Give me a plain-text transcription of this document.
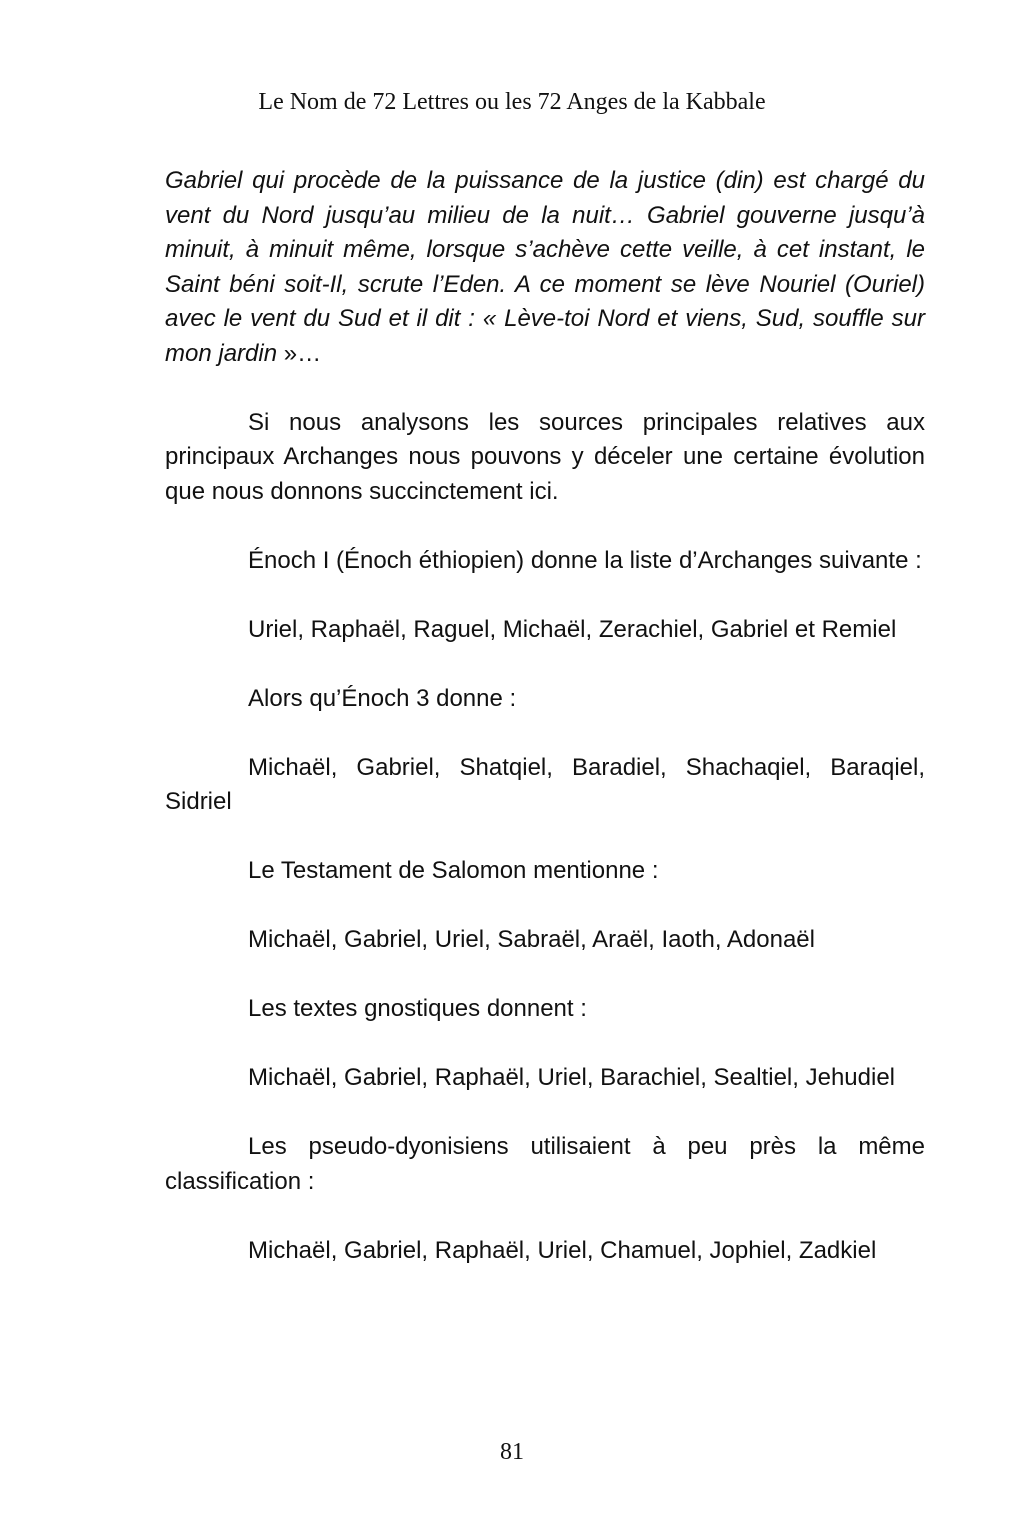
Le Nom de 72 Lettres ou les 72 Anges de la Kabbale

Gabriel qui procède de la puissance de la justice (din) est chargé du vent du Nord jusqu’au milieu de la nuit… Gabriel gouverne jusqu’à minuit, à minuit même, lorsque s’achève cette veille, à cet instant, le Saint béni soit-Il, scrute l’Eden. A ce moment se lève Nouriel (Ouriel) avec le vent du Sud et il dit : « Lève-toi Nord et viens, Sud, souffle sur mon jardin »…

Si nous analysons les sources principales relatives aux principaux Archanges nous pouvons y déceler une certaine évolution que nous donnons succinctement ici.

Énoch I (Énoch éthiopien) donne la liste d’Archanges suivante :

Uriel, Raphaël, Raguel, Michaël, Zerachiel, Gabriel et Remiel

Alors qu’Énoch 3 donne :

Michaël, Gabriel, Shatqiel, Baradiel, Shachaqiel, Baraqiel, Sidriel

Le Testament de Salomon mentionne :

Michaël, Gabriel, Uriel, Sabraël, Araël, Iaoth, Adonaël

Les textes gnostiques donnent :

Michaël, Gabriel, Raphaël, Uriel, Barachiel, Sealtiel, Jehudiel

Les pseudo-dyonisiens utilisaient à peu près la même classification :

Michaël, Gabriel, Raphaël, Uriel, Chamuel, Jophiel, Zadkiel

81
